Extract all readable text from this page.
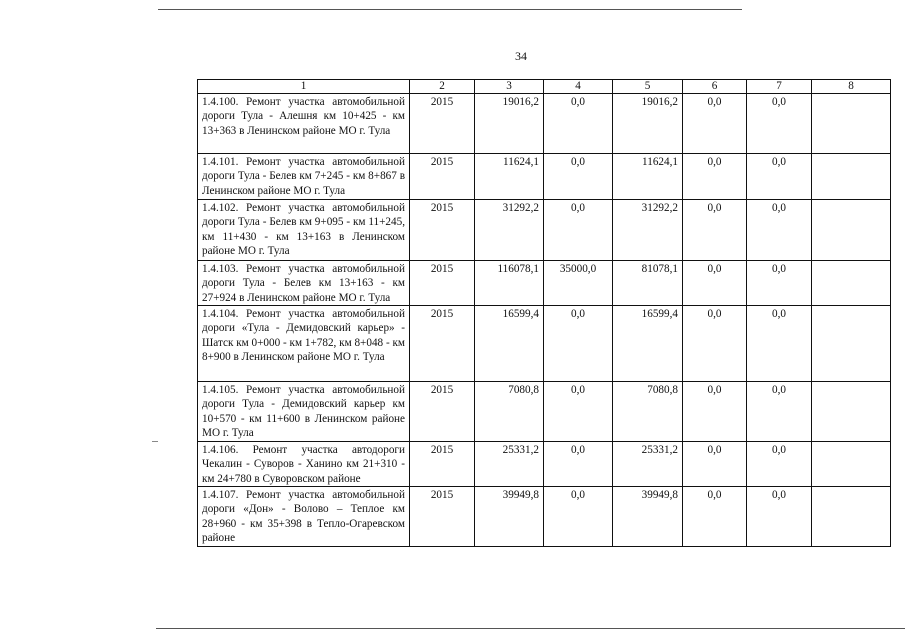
34
1	2	3	4	5	6	7	8
1.4.100. Ремонт участка автомобильной дороги Тула - Алешня км 10+425 - км 13+363 в Ленинском районе МО г. Тула	2015	19016,2	0,0	19016,2	0,0	0,0	
1.4.101. Ремонт участка автомобильной дороги Тула - Белев км 7+245 - км 8+867 в Ленинском районе МО г. Тула	2015	11624,1	0,0	11624,1	0,0	0,0	
1.4.102. Ремонт участка автомобильной дороги Тула - Белев км 9+095 - км 11+245, км 11+430 - км 13+163 в Ленинском районе МО г. Тула	2015	31292,2	0,0	31292,2	0,0	0,0	
1.4.103. Ремонт участка автомобильной дороги Тула - Белев км 13+163 - км 27+924 в Ленинском районе МО г. Тула	2015	116078,1	35000,0	81078,1	0,0	0,0	
1.4.104. Ремонт участка автомобильной дороги «Тула - Демидовский карьер» - Шатск км 0+000 - км 1+782, км 8+048 - км 8+900 в Ленинском районе МО г. Тула	2015	16599,4	0,0	16599,4	0,0	0,0	
1.4.105. Ремонт участка автомобильной дороги Тула - Демидовский карьер км 10+570 - км 11+600 в Ленинском районе МО г. Тула	2015	7080,8	0,0	7080,8	0,0	0,0	
1.4.106. Ремонт участка автодороги Чекалин - Суворов - Ханино км 21+310 - км 24+780 в Суворовском районе	2015	25331,2	0,0	25331,2	0,0	0,0	
1.4.107. Ремонт участка автомобильной дороги «Дон» - Волово – Теплое км 28+960 - км 35+398 в Тепло-Огаревском районе	2015	39949,8	0,0	39949,8	0,0	0,0	
